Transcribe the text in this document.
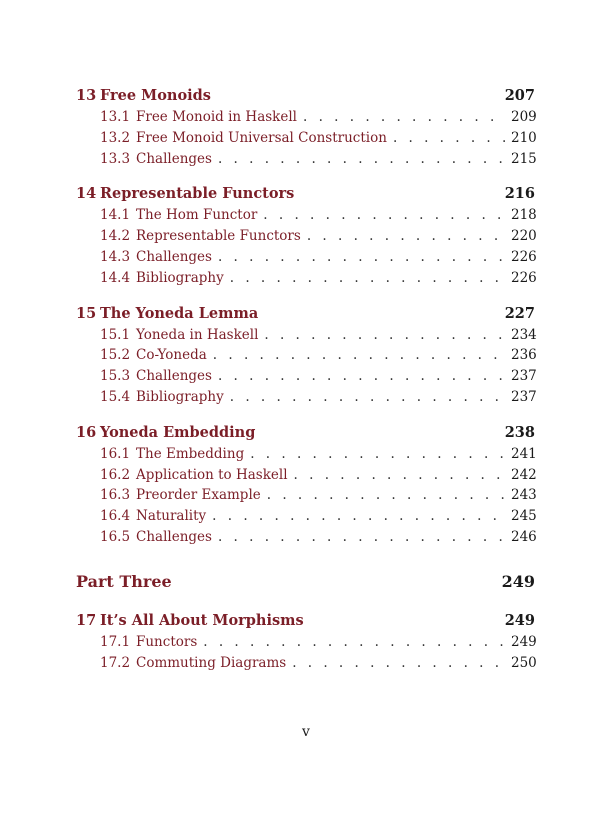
13 Free Monoids	207
13.1 Free Monoid in Haskell . . .	209
13.2 Free Monoid Universal Construction . . .	210
13.3 Challenges . . .	215
14 Representable Functors	216
14.1 The Hom Functor . . .	218
14.2 Representable Functors . . .	220
14.3 Challenges . . .	226
14.4 Bibliography . . .	226
15 The Yoneda Lemma	227
15.1 Yoneda in Haskell . . .	234
15.2 Co-Yoneda . . .	236
15.3 Challenges . . .	237
15.4 Bibliography . . .	237
16 Yoneda Embedding	238
16.1 The Embedding . . .	241
16.2 Application to Haskell . . .	242
16.3 Preorder Example . . .	243
16.4 Naturality . . .	245
16.5 Challenges . . .	246
Part Three	249
17 It’s All About Morphisms	249
17.1 Functors . . .	249
17.2 Commuting Diagrams . . .	250
v
